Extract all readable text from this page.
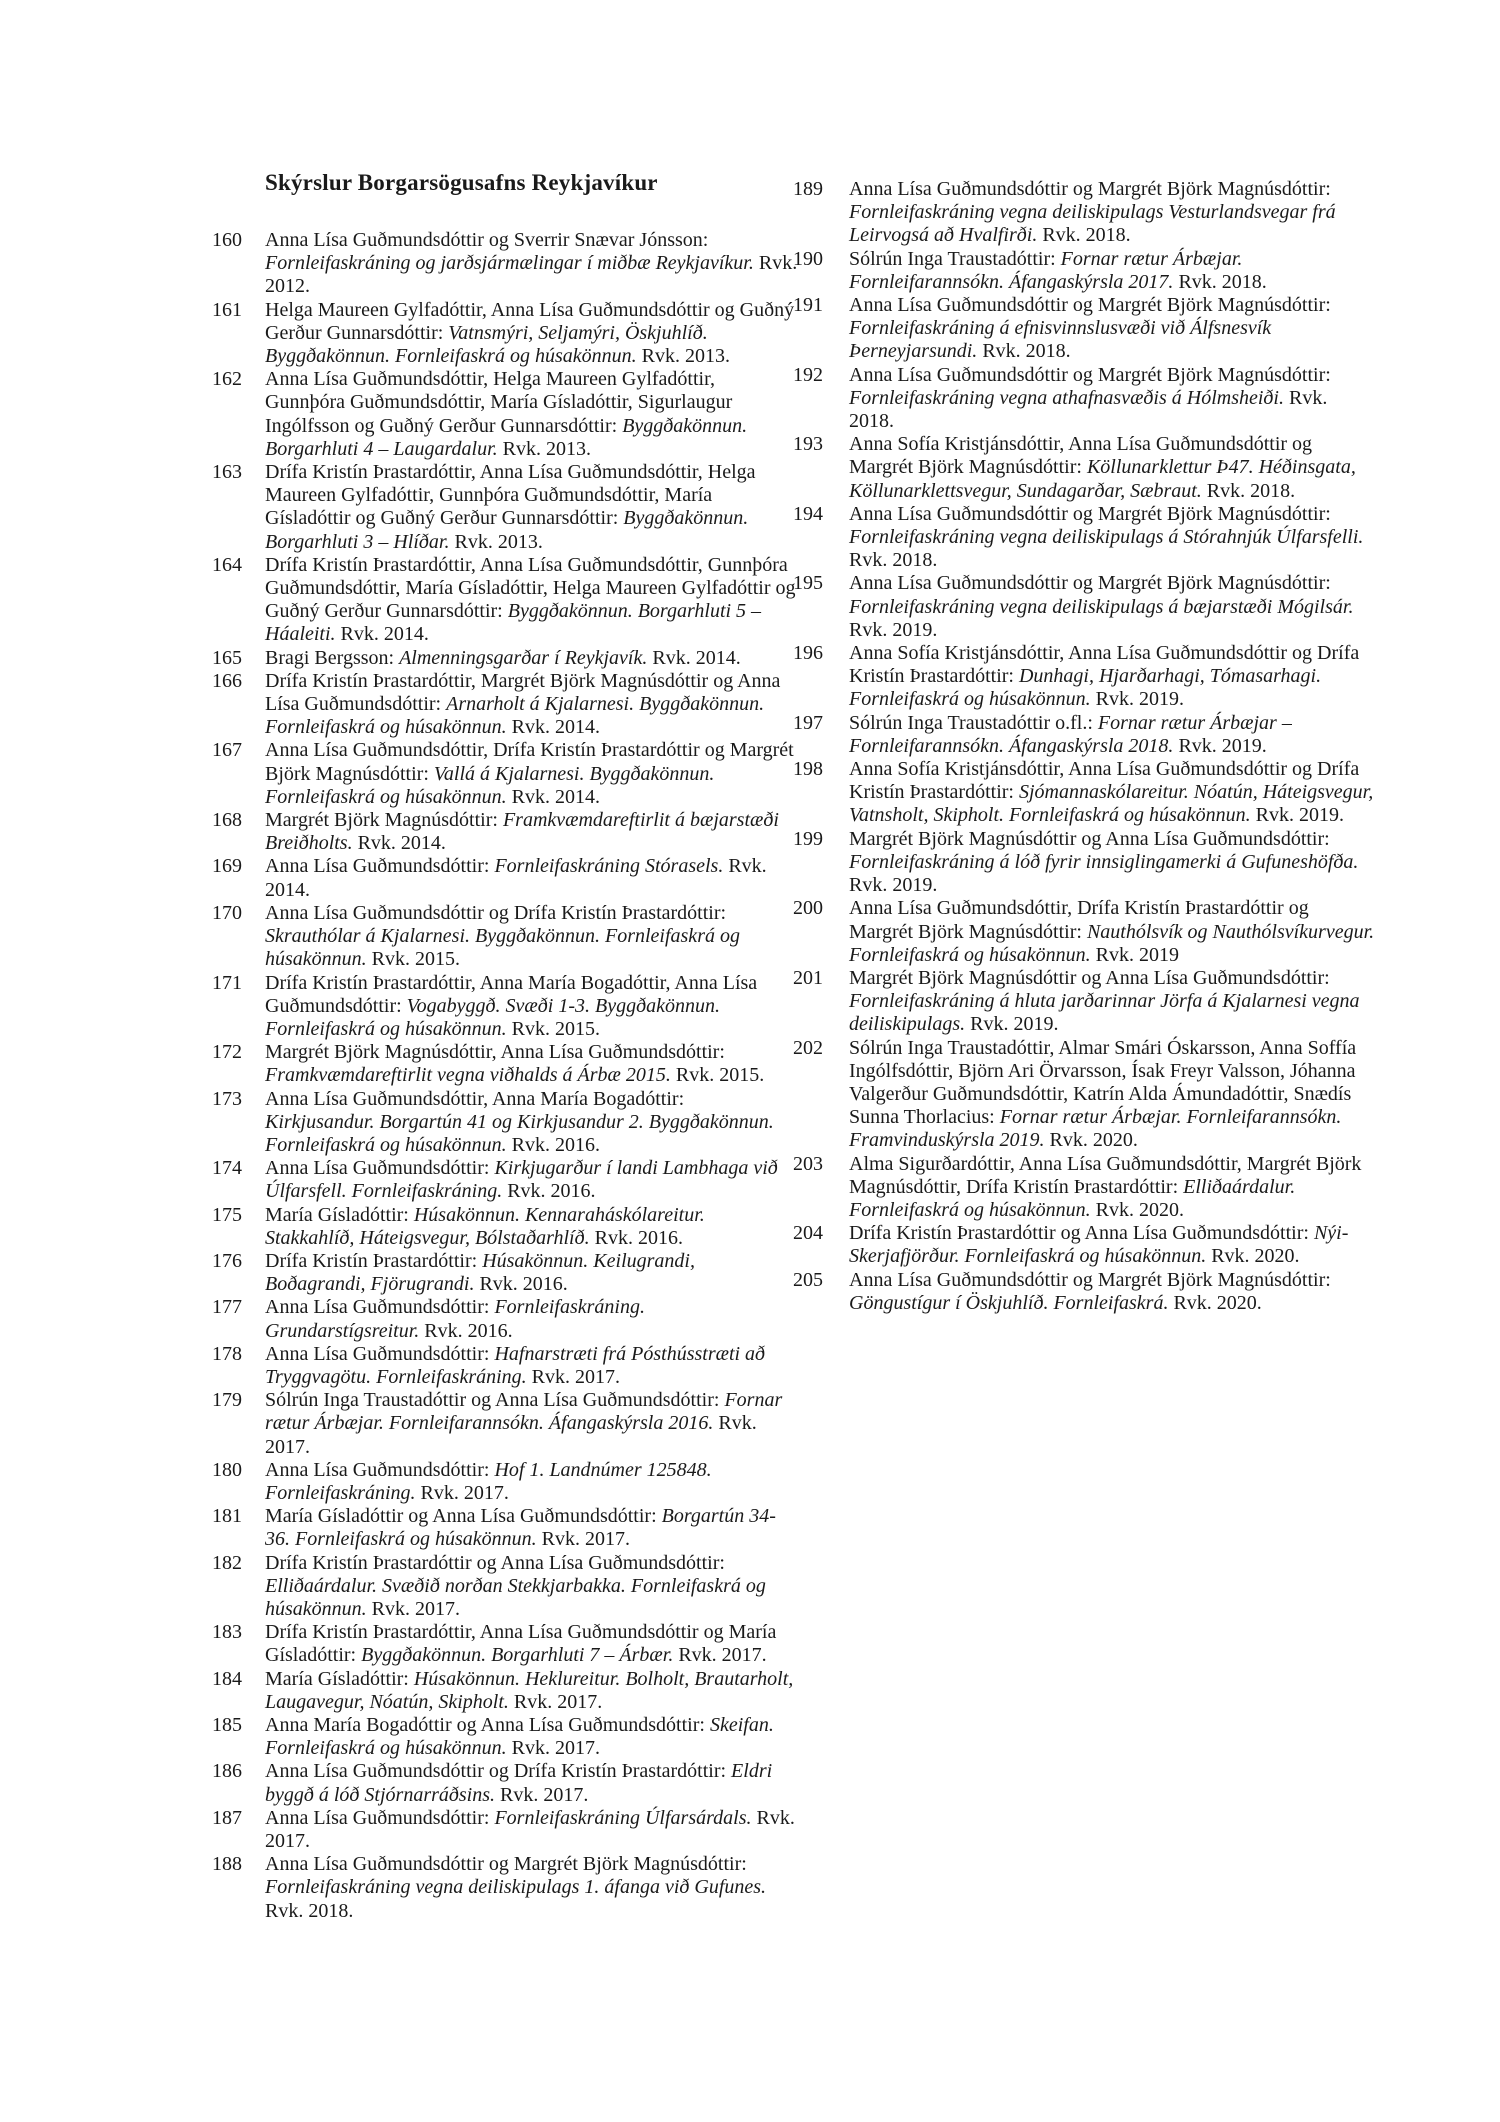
Skýrslur Borgarsögusafns Reykjavíkur
160 Anna Lísa Guðmundsdóttir og Sverrir Snævar Jónsson: Fornleifaskráning og jarðsjármælingar í miðbæ Reykjavíkur. Rvk. 2012.
161 Helga Maureen Gylfadóttir, Anna Lísa Guðmundsdóttir og Guðný Gerður Gunnarsdóttir: Vatnsmýri, Seljamýri, Öskjuhlíð. Byggðakönnun. Fornleifaskrá og húsakönnun. Rvk. 2013.
162 Anna Lísa Guðmundsdóttir, Helga Maureen Gylfadóttir, Gunnþóra Guðmundsdóttir, María Gísladóttir, Sigurlaugur Ingólfsson og Guðný Gerður Gunnarsdóttir: Byggðakönnun. Borgarhluti 4 – Laugardalur. Rvk. 2013.
163 Drífa Kristín Þrastardóttir, Anna Lísa Guðmundsdóttir, Helga Maureen Gylfadóttir, Gunnþóra Guðmundsdóttir, María Gísladóttir og Guðný Gerður Gunnarsdóttir: Byggðakönnun. Borgarhluti 3 – Hlíðar. Rvk. 2013.
164 Drífa Kristín Þrastardóttir, Anna Lísa Guðmundsdóttir, Gunnþóra Guðmundsdóttir, María Gísladóttir, Helga Maureen Gylfadóttir og Guðný Gerður Gunnarsdóttir: Byggðakönnun. Borgarhluti 5 – Háaleiti. Rvk. 2014.
165 Bragi Bergsson: Almenningsgarðar í Reykjavík. Rvk. 2014.
166 Drífa Kristín Þrastardóttir, Margrét Björk Magnúsdóttir og Anna Lísa Guðmundsdóttir: Arnarholt á Kjalarnesi. Byggðakönnun. Fornleifaskrá og húsakönnun. Rvk. 2014.
167 Anna Lísa Guðmundsdóttir, Drífa Kristín Þrastardóttir og Margrét Björk Magnúsdóttir: Vallá á Kjalarnesi. Byggðakönnun. Fornleifaskrá og húsakönnun. Rvk. 2014.
168 Margrét Björk Magnúsdóttir: Framkvæmdareftirlit á bæjarstæði Breiðholts. Rvk. 2014.
169 Anna Lísa Guðmundsdóttir: Fornleifaskráning Stórasels. Rvk. 2014.
170 Anna Lísa Guðmundsdóttir og Drífa Kristín Þrastardóttir: Skrauthólar á Kjalarnesi. Byggðakönnun. Fornleifaskrá og húsakönnun. Rvk. 2015.
171 Drífa Kristín Þrastardóttir, Anna María Bogadóttir, Anna Lísa Guðmundsdóttir: Vogabyggð. Svæði 1-3. Byggðakönnun. Fornleifaskrá og húsakönnun. Rvk. 2015.
172 Margrét Björk Magnúsdóttir, Anna Lísa Guðmundsdóttir: Framkvæmdareftirlit vegna viðhalds á Árbæ 2015. Rvk. 2015.
173 Anna Lísa Guðmundsdóttir, Anna María Bogadóttir: Kirkjusandur. Borgartún 41 og Kirkjusandur 2. Byggðakönnun. Fornleifaskrá og húsakönnun. Rvk. 2016.
174 Anna Lísa Guðmundsdóttir: Kirkjugarður í landi Lambhaga við Úlfarsfell. Fornleifaskráning. Rvk. 2016.
175 María Gísladóttir: Húsakönnun. Kennaraháskólareitur. Stakkahlíð, Háteigsvegur, Bólstaðarhlíð. Rvk. 2016.
176 Drífa Kristín Þrastardóttir: Húsakönnun. Keilugrandi, Boðagrandi, Fjörugrandi. Rvk. 2016.
177 Anna Lísa Guðmundsdóttir: Fornleifaskráning. Grundarstígsreitur. Rvk. 2016.
178 Anna Lísa Guðmundsdóttir: Hafnarstræti frá Pósthússtræti að Tryggvagötu. Fornleifaskráning. Rvk. 2017.
179 Sólrún Inga Traustadóttir og Anna Lísa Guðmundsdóttir: Fornar rætur Árbæjar. Fornleifarannsókn. Áfangaskýrsla 2016. Rvk. 2017.
180 Anna Lísa Guðmundsdóttir: Hof 1. Landnúmer 125848. Fornleifaskráning. Rvk. 2017.
181 María Gísladóttir og Anna Lísa Guðmundsdóttir: Borgartún 34-36. Fornleifaskrá og húsakönnun. Rvk. 2017.
182 Drífa Kristín Þrastardóttir og Anna Lísa Guðmundsdóttir: Elliðaárdalur. Svæðið norðan Stekkjarbakka. Fornleifaskrá og húsakönnun. Rvk. 2017.
183 Drífa Kristín Þrastardóttir, Anna Lísa Guðmundsdóttir og María Gísladóttir: Byggðakönnun. Borgarhluti 7 – Árbær. Rvk. 2017.
184 María Gísladóttir: Húsakönnun. Heklureitur. Bolholt, Brautarholt, Laugavegur, Nóatún, Skipholt. Rvk. 2017.
185 Anna María Bogadóttir og Anna Lísa Guðmundsdóttir: Skeifan. Fornleifaskrá og húsakönnun. Rvk. 2017.
186 Anna Lísa Guðmundsdóttir og Drífa Kristín Þrastardóttir: Eldri byggð á lóð Stjórnarráðsins. Rvk. 2017.
187 Anna Lísa Guðmundsdóttir: Fornleifaskráning Úlfarsárdals. Rvk. 2017.
188 Anna Lísa Guðmundsdóttir og Margrét Björk Magnúsdóttir: Fornleifaskráning vegna deiliskipulags 1. áfanga við Gufunes. Rvk. 2018.
189 Anna Lísa Guðmundsdóttir og Margrét Björk Magnúsdóttir: Fornleifaskráning vegna deiliskipulags Vesturlandsvegar frá Leirvogsá að Hvalfirði. Rvk. 2018.
190 Sólrún Inga Traustadóttir: Fornar rætur Árbæjar. Fornleifarannsókn. Áfangaskýrsla 2017. Rvk. 2018.
191 Anna Lísa Guðmundsdóttir og Margrét Björk Magnúsdóttir: Fornleifaskráning á efnisvinnslusvæði við Álfsnesvík Þerneyjarsundi. Rvk. 2018.
192 Anna Lísa Guðmundsdóttir og Margrét Björk Magnúsdóttir: Fornleifaskráning vegna athafnasvæðis á Hólmsheiði. Rvk. 2018.
193 Anna Sofía Kristjánsdóttir, Anna Lísa Guðmundsdóttir og Margrét Björk Magnúsdóttir: Köllunarklettur Þ47. Héðinsgata, Köllunarklettsvegur, Sundagarðar, Sæbraut. Rvk. 2018.
194 Anna Lísa Guðmundsdóttir og Margrét Björk Magnúsdóttir: Fornleifaskráning vegna deiliskipulags á Stórahnjúk Úlfarsfelli. Rvk. 2018.
195 Anna Lísa Guðmundsdóttir og Margrét Björk Magnúsdóttir: Fornleifaskráning vegna deiliskipulags á bæjarstæði Mógilsár. Rvk. 2019.
196 Anna Sofía Kristjánsdóttir, Anna Lísa Guðmundsdóttir og Drífa Kristín Þrastardóttir: Dunhagi, Hjarðarhagi, Tómasarhagi. Fornleifaskrá og húsakönnun. Rvk. 2019.
197 Sólrún Inga Traustadóttir o.fl.: Fornar rætur Árbæjar – Fornleifarannsókn. Áfangaskýrsla 2018. Rvk. 2019.
198 Anna Sofía Kristjánsdóttir, Anna Lísa Guðmundsdóttir og Drífa Kristín Þrastardóttir: Sjómannaskólareitur. Nóatún, Háteigsvegur, Vatnsholt, Skipholt. Fornleifaskrá og húsakönnun. Rvk. 2019.
199 Margrét Björk Magnúsdóttir og Anna Lísa Guðmundsdóttir: Fornleifaskráning á lóð fyrir innsiglingamerki á Gufuneshöfða. Rvk. 2019.
200 Anna Lísa Guðmundsdóttir, Drífa Kristín Þrastardóttir og Margrét Björk Magnúsdóttir: Nauthólsvík og Nauthólsvíkurvegur. Fornleifaskrá og húsakönnun. Rvk. 2019
201 Margrét Björk Magnúsdóttir og Anna Lísa Guðmundsdóttir: Fornleifaskráning á hluta jarðarinnar Jörfa á Kjalarnesi vegna deiliskipulags. Rvk. 2019.
202 Sólrún Inga Traustadóttir, Almar Smári Óskarsson, Anna Soffía Ingólfsdóttir, Björn Ari Örvarsson, Ísak Freyr Valsson, Jóhanna Valgerður Guðmundsdóttir, Katrín Alda Ámundadóttir, Snædís Sunna Thorlacius: Fornar rætur Árbæjar. Fornleifarannsókn. Framvinduskýrsla 2019. Rvk. 2020.
203 Alma Sigurðardóttir, Anna Lísa Guðmundsdóttir, Margrét Björk Magnúsdóttir, Drífa Kristín Þrastardóttir: Elliðaárdalur. Fornleifaskrá og húsakönnun. Rvk. 2020.
204 Drífa Kristín Þrastardóttir og Anna Lísa Guðmundsdóttir: Nýi-Skerjafjörður. Fornleifaskrá og húsakönnun. Rvk. 2020.
205 Anna Lísa Guðmundsdóttir og Margrét Björk Magnúsdóttir: Göngustígur í Öskjuhlíð. Fornleifaskrá. Rvk. 2020.
